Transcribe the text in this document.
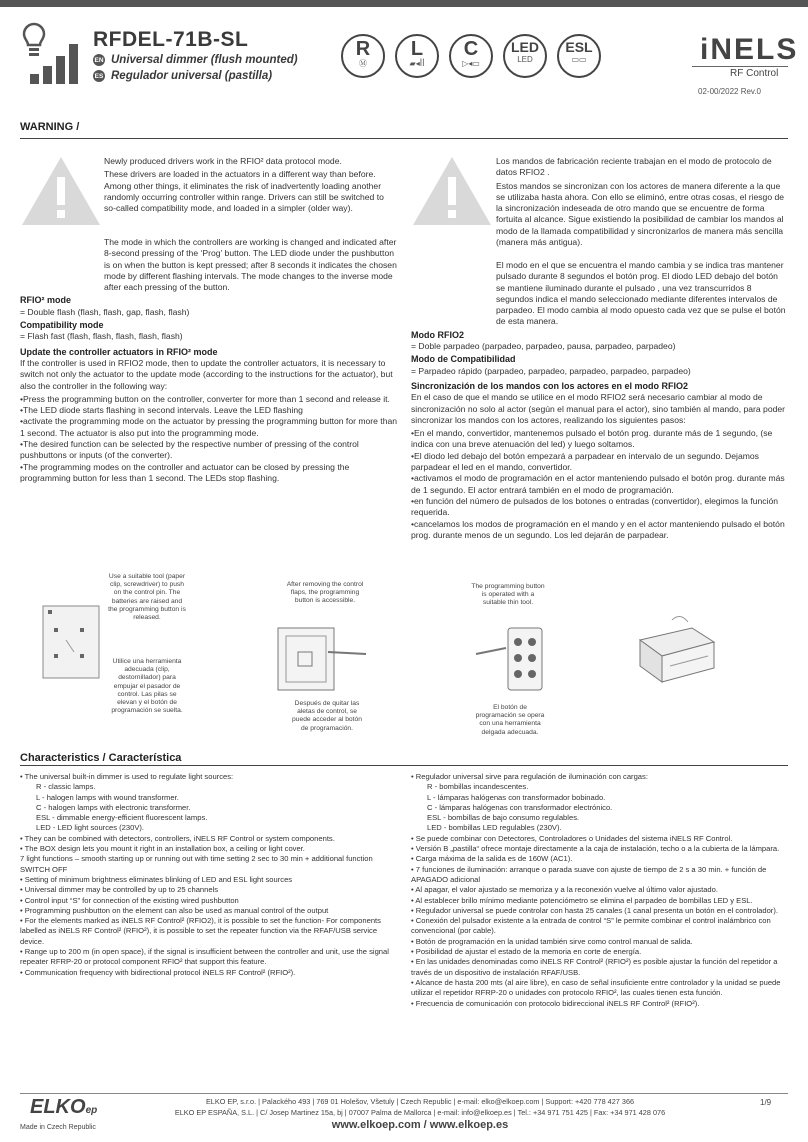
RFDEL-71B-SL
EN Universal dimmer (flush mounted)
ES Regulador universal (pastilla)
R
Ⓜ
L
▰◂ꟾꟾ
C
▷◂▭
LED
LED
ESL
▭▭	iNELS
RF Control
02-00/2022 Rev.0
WARNING /

Newly produced drivers work in the RFIO² data protocol mode.

These drivers are loaded in the actuators in a different way than before. Among other things, it eliminates the risk of inadvertently loading another randomly occurring controller within range. Drivers can still be switched to so-called compatibility mode, and loaded in a simpler (older way).

The mode in which the controllers are working is changed and indicated after 8-second pressing of the ‘Prog’ button. The LED diode under the pushbutton is on when the button is kept pressed; after 8 seconds it indicates the chosen mode by different flashing intervals. The mode changes to the inverse mode after each pressing of the button.

RFIO² mode

= Double flash (flash, flash, gap, flash, flash)

Compatibility mode

= Flash fast (flash, flash, flash, flash, flash)

Update the controller actuators in RFIO² mode

If the controller is used in RFIO2 mode, then to update the controller actuators, it is necessary to switch not only the actuator to the update mode (according to the instructions for the actuator), but also the controller in the following way:

•Press the programming button on the controller, converter for more than 1 second and release it.
•The LED diode starts flashing in second intervals. Leave the LED flashing
•activate the programming mode on the actuator by pressing the programming button for more than 1 second. The actuator is also put into the programming mode.
•The desired function can be selected by the respective number of pressing of the control pushbuttons or inputs (of the converter).
•The programming modes on the controller and actuator can be closed by pressing the programming button for less than 1 second. The LEDs stop flashing.

Los mandos de fabricación reciente trabajan en el modo de protocolo de datos RFIO2 .

Estos mandos se sincronizan con los actores de manera diferente a la que se utilizaba hasta ahora. Con ello se eliminó, entre otras cosas, el riesgo de la sincronización indeseada de otro mando que se encuentre de forma fortuita al alcance. Sigue existiendo la posibilidad de cambiar los mandos al modo de la llamada compatibilidad y sincronizarlos de manera más sencilla (manera más antigua).

El modo en el que se encuentra el mando cambia y se indica tras mantener pulsado durante 8 segundos el botón prog. El diodo LED debajo del botón se mantiene iluminado durante el pulsado , una vez transcurridos 8 segundos indica el mando seleccionado mediante diferentes intervalos de parpadeo. El modo cambia al modo opuesto cada vez que se pulse el botón de esta manera.

Modo RFIO2

= Doble parpadeo (parpadeo, parpadeo, pausa, parpadeo, parpadeo)

Modo de Compatibilidad

= Parpadeo rápido (parpadeo, parpadeo, parpadeo, parpadeo, parpadeo)

Sincronización de los mandos con los actores en el modo RFIO2

En el caso de que el mando se utilice en el modo RFIO2 será necesario cambiar al modo de sincronización no solo al actor (según el manual para el actor), sino también al mando, para poder sincronizar los mandos con los actores, realizando los siguientes pasos:

•En el mando, convertidor, mantenemos pulsado el botón prog. durante más de 1 segundo, (se indica con una breve atenuación del led) y luego soltamos.
•El diodo led debajo del botón empezará a parpadear en intervalo de un segundo. Dejamos parpadear el led en el mando, convertidor.
•activamos el modo de programación en el actor manteniendo pulsado el botón prog. durante más de 1 segundo. El actor entrará también en el modo de programación.
•en función del número de pulsados de los botones o entradas (convertidor), elegimos la función requerida.
•cancelamos los modos de programación en el mando y en el actor manteniendo pulsado el botón prog. durante menos de un segundo. Los led dejarán de parpadear.
Use a suitable tool (paper clip, screwdriver) to push on the control pin. The batteries are raised and the programming button is released.
Utilice una herramienta adecuada (clip, destornillador) para empujar el pasador de control. Las pilas se elevan y el botón de programación se suelta.
After removing the control flaps, the programming button is accessible.
Después de quitar las aletas de control, se puede acceder al botón de programación.
The programming button is operated with a suitable thin tool.
El botón de programación se opera con una herramienta delgada adecuada.
Characteristics / Característica
• The universal built-in dimmer is used to regulate light sources:
R - classic lamps.
L - halogen lamps with wound transformer.
C - halogen lamps with electronic transformer.
ESL - dimmable energy-efficient fluorescent lamps.
LED - LED light sources (230V).
• They can be combined with detectors, controllers, iNELS RF Control or system components.
• The BOX design lets you mount it right in an installation box, a ceiling or light cover.
7 light functions – smooth starting up or running out with time setting 2 sec to 30 min + additional function SWITCH OFF
• Setting of minimum brightness eliminates blinking of LED and ESL light sources
• Universal dimmer may be controlled by up to 25 channels
• Control input “S” for connection of the existing wired pushbutton
• Programming pushbutton on the element can also be used as manual control of the output
• For the elements marked as iNELS RF Control² (RFIO2), it is possible to set the function- For components labelled as iNELS RF Control² (RFIO²), it is possible to set the repeater function via the RFAF/USB service device.
• Range up to 200 m (in open space), if the signal is insufficient between the controller and unit, use the signal repeater RFRP-20 or protocol component RFIO² that support this feature.
• Communication frequency with bidirectional protocol iNELS RF Control² (RFIO²).
• Regulador universal sirve para regulación de iluminación con cargas:
R - bombillas incandescentes.
L - lámparas halógenas con transformador bobinado.
C - lámparas halógenas con transformador electrónico.
ESL - bombillas de bajo consumo regulables.
LED - bombillas LED regulables (230V).
• Se puede combinar con Detectores, Controladores o Unidades del sistema iNELS RF Control.
• Versión B „pastilla“ ofrece montaje directamente a la caja de instalación, techo o a la cubierta de la lámpara.
• Carga máxima de la salida es de 160W (AC1).
• 7 funciones de iluminación: arranque o parada suave con ajuste de tiempo de 2 s a 30 min. + función de APAGADO adicional
• Al apagar, el valor ajustado se memoriza y a la reconexión vuelve al último valor ajustado.
• Al establecer brillo mínimo mediante potenciómetro se elimina el parpadeo de bombillas LED y ESL.
• Regulador universal se puede controlar con hasta 25 canales (1 canal presenta un botón en el controlador).
• Conexión del pulsador existente a la entrada de control “S” le permite combinar el control inalámbrico con convencional (por cable).
• Botón de programación en la unidad también sirve como control manual de salida.
• Posibilidad de ajustar el estado de la memoria en corte de energía.
• En las unidades denominadas como iNELS RF Control² (RFIO²) es posible ajustar la función del repetidor a través de un dispositivo de instalación RFAF/USB.
• Alcance de hasta 200 mts (al aire libre), en caso de señal insuficiente entre controlador y la unidad se puede utilizar el repetidor RFRP-20 o unidades con protocolo RFIO², las cuales tienen esta función.
• Frecuencia de comunicación con protocolo bidireccional iNELS RF Control² (RFIO²).
ELKOep
Made in Czech Republic
ELKO EP, s.r.o. | Palackého 493 | 769 01 Holešov, Všetuly | Czech Republic | e-mail: elko@elkoep.com | Support: +420 778 427 366
ELKO EP ESPAÑA, S.L. | C/ Josep Martinez 15a, bj | 07007 Palma de Mallorca | e-mail: info@elkoep.es | Tel.: +34 971 751 425 | Fax: +34 971 428 076
www.elkoep.com / www.elkoep.es
1/9
